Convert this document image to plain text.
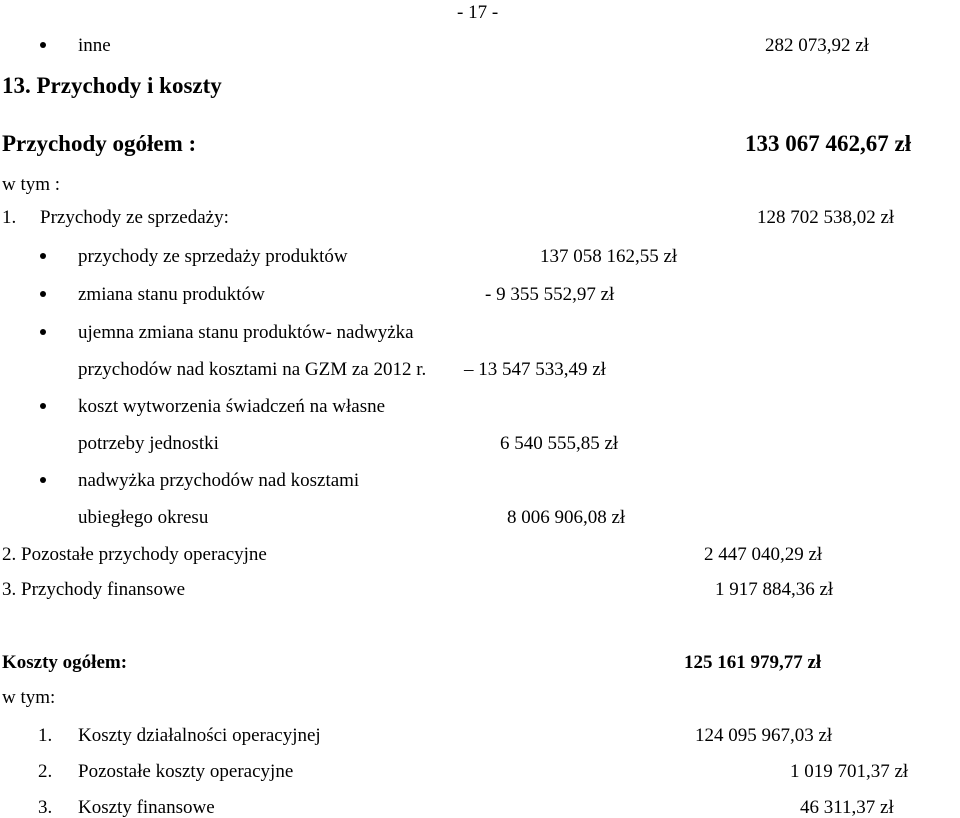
- 17 -
inne	282 073,92 zł
13. Przychody i koszty
Przychody ogółem :	133 067 462,67 zł
w tym :
1. Przychody ze sprzedaży:	128 702 538,02 zł
przychody ze sprzedaży produktów	137 058 162,55 zł
zmiana stanu produktów	- 9 355 552,97 zł
ujemna zmiana stanu produktów- nadwyżka
przychodów nad kosztami na GZM za 2012 r. – 13 547 533,49 zł
koszt wytworzenia świadczeń na własne
potrzeby jednostki	6 540 555,85 zł
nadwyżka przychodów nad kosztami
ubiegłego okresu	8 006 906,08 zł
2. Pozostałe przychody operacyjne	2 447 040,29 zł
3. Przychody finansowe	1 917 884,36 zł
Koszty ogółem:	125 161 979,77 zł
w tym:
1. Koszty działalności operacyjnej	124 095 967,03 zł
2. Pozostałe koszty operacyjne	1 019 701,37 zł
3. Koszty finansowe	46 311,37 zł
